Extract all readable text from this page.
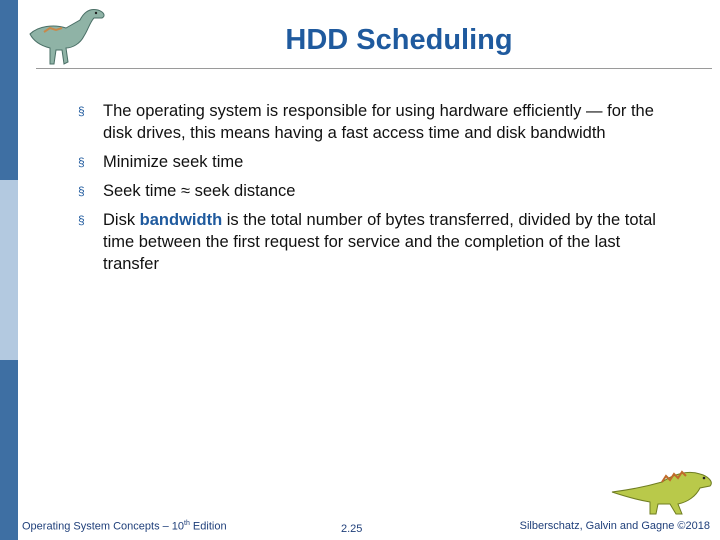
HDD Scheduling
§ The operating system is responsible for using hardware efficiently — for the disk drives, this means having a fast access time and disk bandwidth
§ Minimize seek time
§ Seek time ≈ seek distance
§ Disk bandwidth is the total number of bytes transferred, divided by the total time between the first request for service and the completion of the last transfer
Operating System Concepts – 10th Edition	2.25	Silberschatz, Galvin and Gagne ©2018
